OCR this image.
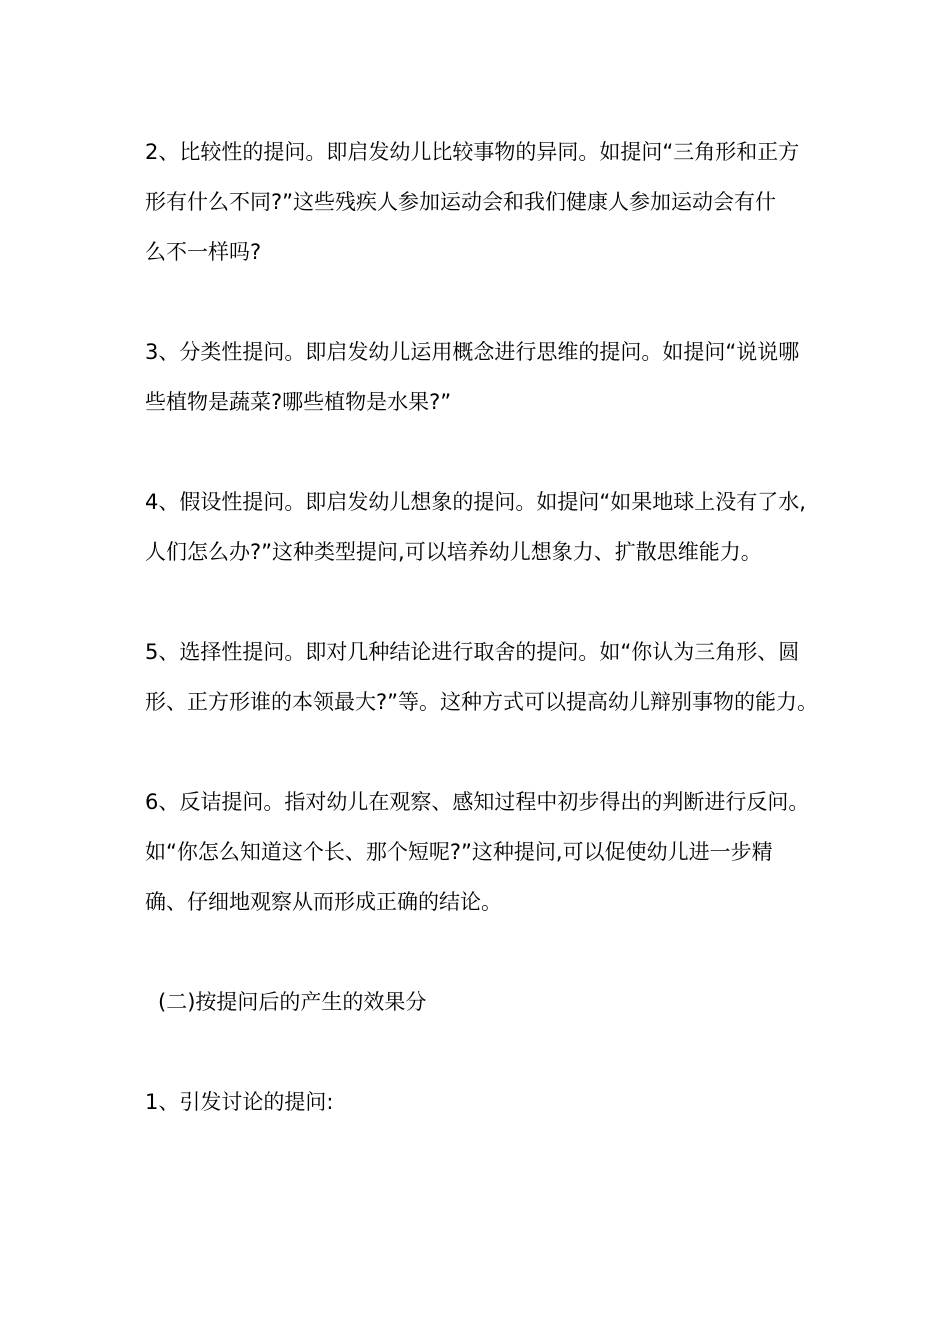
2、比较性的提问。即启发幼儿比较事物的异同。如提问“三角形和正方
形有什么不同?”这些残疾人参加运动会和我们健康人参加运动会有什
么不一样吗?

3、分类性提问。即启发幼儿运用概念进行思维的提问。如提问“说说哪
些植物是蔬菜?哪些植物是水果?”

4、假设性提问。即启发幼儿想象的提问。如提问“如果地球上没有了水,
人们怎么办?”这种类型提问,可以培养幼儿想象力、扩散思维能力。

5、选择性提问。即对几种结论进行取舍的提问。如“你认为三角形、圆
形、正方形谁的本领最大?”等。这种方式可以提高幼儿辩别事物的能力。

6、反诘提问。指对幼儿在观察、感知过程中初步得出的判断进行反问。
如“你怎么知道这个长、那个短呢?”这种提问,可以促使幼儿进一步精
确、仔细地观察从而形成正确的结论。

(二)按提问后的产生的效果分

1、引发讨论的提问:
